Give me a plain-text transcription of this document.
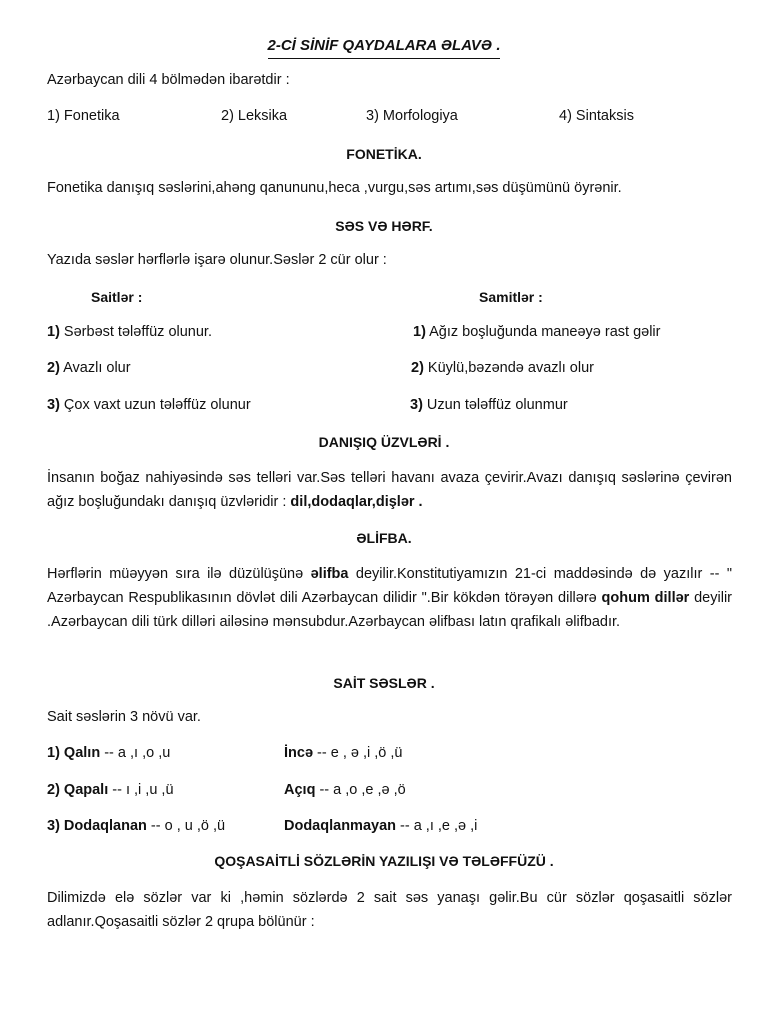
2-Cİ SİNİF QAYDALARA ƏLAVƏ .
Azərbaycan dili 4 bölmədən ibarətdir :
1) Fonetika	2) Leksika	3) Morfologiya	4) Sintaksis
FONETİKA.
Fonetika danışıq səslərini,ahəng qanununu,heca ,vurgu,səs artımı,səs düşümünü öyrənir.
SƏS VƏ HƏRF.
Yazıda səslər hərflərlə işarə olunur.Səslər 2 cür olur :
Saitlər :	Samitlər :
1) Sərbəst tələffüz olunur.	1) Ağız boşluğunda maneəyə rast gəlir
2) Avazlı olur	2) Küylü,bəzəndə avazlı olur
3) Çox vaxt uzun tələffüz olunur	3) Uzun tələffüz olunmur
DANIŞIQ ÜZVLƏRİ .
İnsanın boğaz nahiyəsində səs telləri var.Səs telləri havanı avaza çevirir.Avazı danışıq səslərinə çevirən ağız boşluğundakı danışıq üzvləridir : dil,dodaqlar,dişlər .
ƏLİFBA.
Hərflərin müəyyən sıra ilə düzülüşünə əlifba deyilir.Konstitutiyamızın 21-ci maddəsində də yazılır -- " Azərbaycan Respublikasının dövlət dili Azərbaycan dilidir ".Bir kökdən törəyən dillərə qohum dillər deyilir .Azərbaycan dili türk dilləri ailəsinə mənsubdur.Azərbaycan əlifbası latın qrafikalı əlifbadır.
SAİT SƏSLƏR .
Sait səslərin 3 növü var.
1) Qalın -- a ,ı ,o ,u	İncə -- e , ə ,i ,ö ,ü
2) Qapalı -- ı ,i ,u ,ü	Açıq -- a ,o ,e ,ə ,ö
3) Dodaqlanan -- o , u ,ö ,ü	Dodaqlanmayan -- a ,ı ,e ,ə ,i
QOŞASAİTLİ SÖZLƏRİN YAZILIŞI VƏ TƏLƏFFÜZÜ .
Dilimizdə elə sözlər var ki ,həmin sözlərdə 2 sait səs yanaşı gəlir.Bu cür sözlər qoşasaitli sözlər adlanır.Qoşasaitli sözlər 2 qrupa bölünür :
